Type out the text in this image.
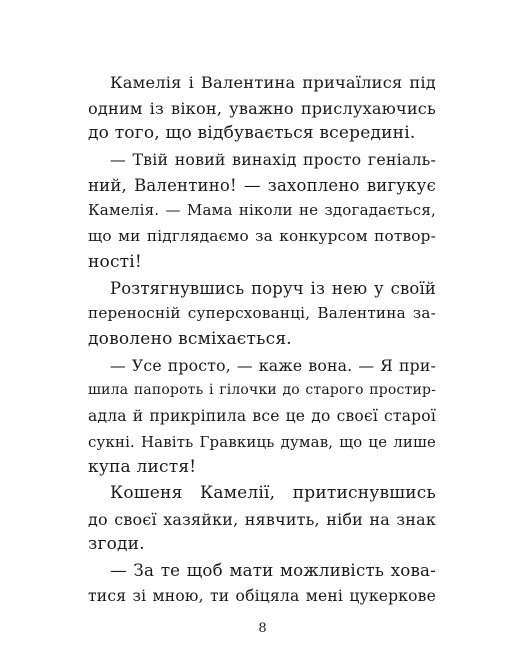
Камелія і Валентина причаїлися під
одним із вікон, уважно прислухаючись
до того, що відбувається всередині.
— Твій новий винахід просто геніаль-
ний, Валентино! — захоплено вигукує
Камелія. — Мама ніколи не здогадається,
що ми підглядаємо за конкурсом потвор-
ності!
Розтягнувшись поруч із нею у своїй
переносній суперсхованці, Валентина за-
доволено всміхається.
— Усе просто, — каже вона. — Я при-
шила папороть і гілочки до старого простир-
адла й прикріпила все це до своєї старої
сукні. Навіть Гравкиць думав, що це лише
купа листя!
Кошеня Камелії, притиснувшись
до своєї хазяйки, нявчить, ніби на знак
згоди.
— За те щоб мати можливість хова-
тися зі мною, ти обіцяла мені цукеркове
8
